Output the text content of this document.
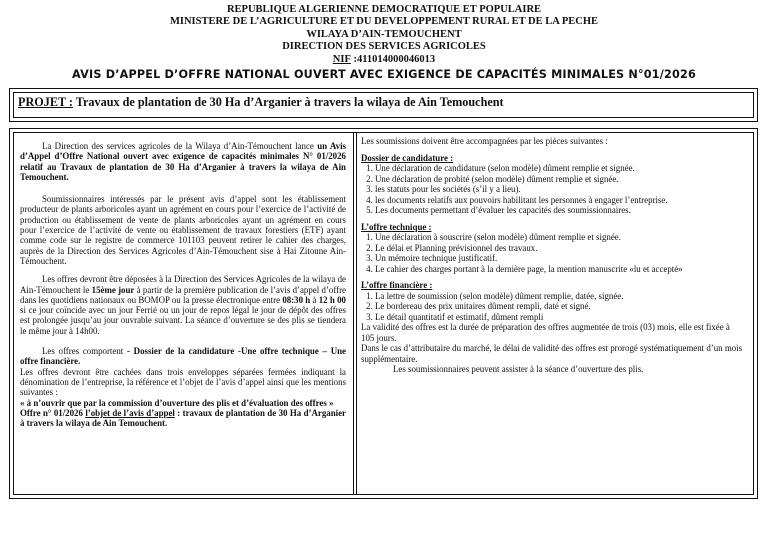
REPUBLIQUE ALGERIENNE DEMOCRATIQUE ET POPULAIRE
MINISTERE DE L’AGRICULTURE ET DU DEVELOPPEMENT RURAL ET DE LA PECHE
WILAYA D’AIN-TEMOUCHENT
DIRECTION DES SERVICES AGRICOLES
NIF :411014000046013
AVIS D’APPEL D’OFFRE NATIONAL OUVERT AVEC EXIGENCE DE CAPACITÉS MINIMALES N°01/2026
PROJET : Travaux de plantation de 30 Ha d’Arganier à travers la wilaya de Ain Temouchent

La Direction des services agricoles de la Wilaya d’Ain-Témouchent lance un Avis d’Appel d’Offre National ouvert avec exigence de capacités minimales N° 01/2026 relatif au Travaux de plantation de 30 Ha d’Arganier à travers la wilaya de Ain Temouchent.

Soumissionnaires intéressés par le présent avis d’appel sont les établissement producteur de plants arboricoles ayant un agrément en cours pour l’exercice de l’activité de production ou établissement de vente de plants arboricoles ayant un agrément en cours pour l’exercice de l’activité de vente ou établissement de travaux forestiers (ETF) ayant comme code sur le registre de commerce 101103 peuvent retirer le cahier des charges, auprès de la Direction des Services Agricoles d’Ain-Témouchent sise à Hai Zitoune Ain-Témouchent.

Les offres devront être déposées à la Direction des Services Agricoles de la wilaya de Ain-Témouchent le 15ème jour à partir de la première publication de l’avis d’appel d’offre dans les quotidiens nationaux ou BOMOP ou la presse électronique entre 08:30 h à 12 h 00 si ce jour coïncide avec un jour Ferrié ou un jour de repos légal le jour de dépôt des offres est prolongée jusqu’au jour ouvrable suivant. La séance d’ouverture se des plis se tiendera le même jour à 14h00.

Les offres comportent - Dossier de la candidature -Une offre technique – Une offre financière.

Les offres devront être cachées dans trois enveloppes séparées fermées indiquant la dénomination de l’entreprise, la référence et l’objet de l’avis d’appel ainsi que les mentions suivantes :

« à n’ouvrir que par la commission d’ouverture des plis et d’évaluation des offres »

Offre n° 01/2026 l’objet de l’avis d’appel : travaux de plantation de 30 Ha d’Arganier à travers la wilaya de Ain Temouchent.

Les soumissions doivent être accompagnées par les pièces suivantes :

Dossier de candidature :

1. Une déclaration de candidature (selon modèle) dûment remplie et signée.
2. Une déclaration de probité (selon modèle) dûment remplie et signée.
3. les statuts pour les sociétés (s’il y a lieu).
4. les documents relatifs aux pouvoirs habilitant les personnes à engager l’entreprise.
5. Les documents permettant d’évaluer les capacités des soumissionnaires.

L’offre technique :

1. Une déclaration à souscrire (selon modèle) dûment remplie et signée.
2. Le délai et Planning prévisionnel des travaux.
3. Un mémoire technique justificatif.
4. Le cahier des charges portant à la dernière page, la mention manuscrite «lu et accepté»

L’offre financière :

1. La lettre de soumission (selon modèle) dûment remplie, datée, signée.
2. Le bordereau des prix unitaires dûment rempli, daté et signé.
3. Le détail quantitatif et estimatif, dûment rempli

La validité des offres est la durée de préparation des offres augmentée de trois (03) mois, elle est fixée à 105 jours.

Dans le cas d’attributaire du marché, le délai de validité des offres est prorogé systématiquement d’un mois supplémentaire.

Les soumissionnaires peuvent assister à la séance d’ouverture des plis.
